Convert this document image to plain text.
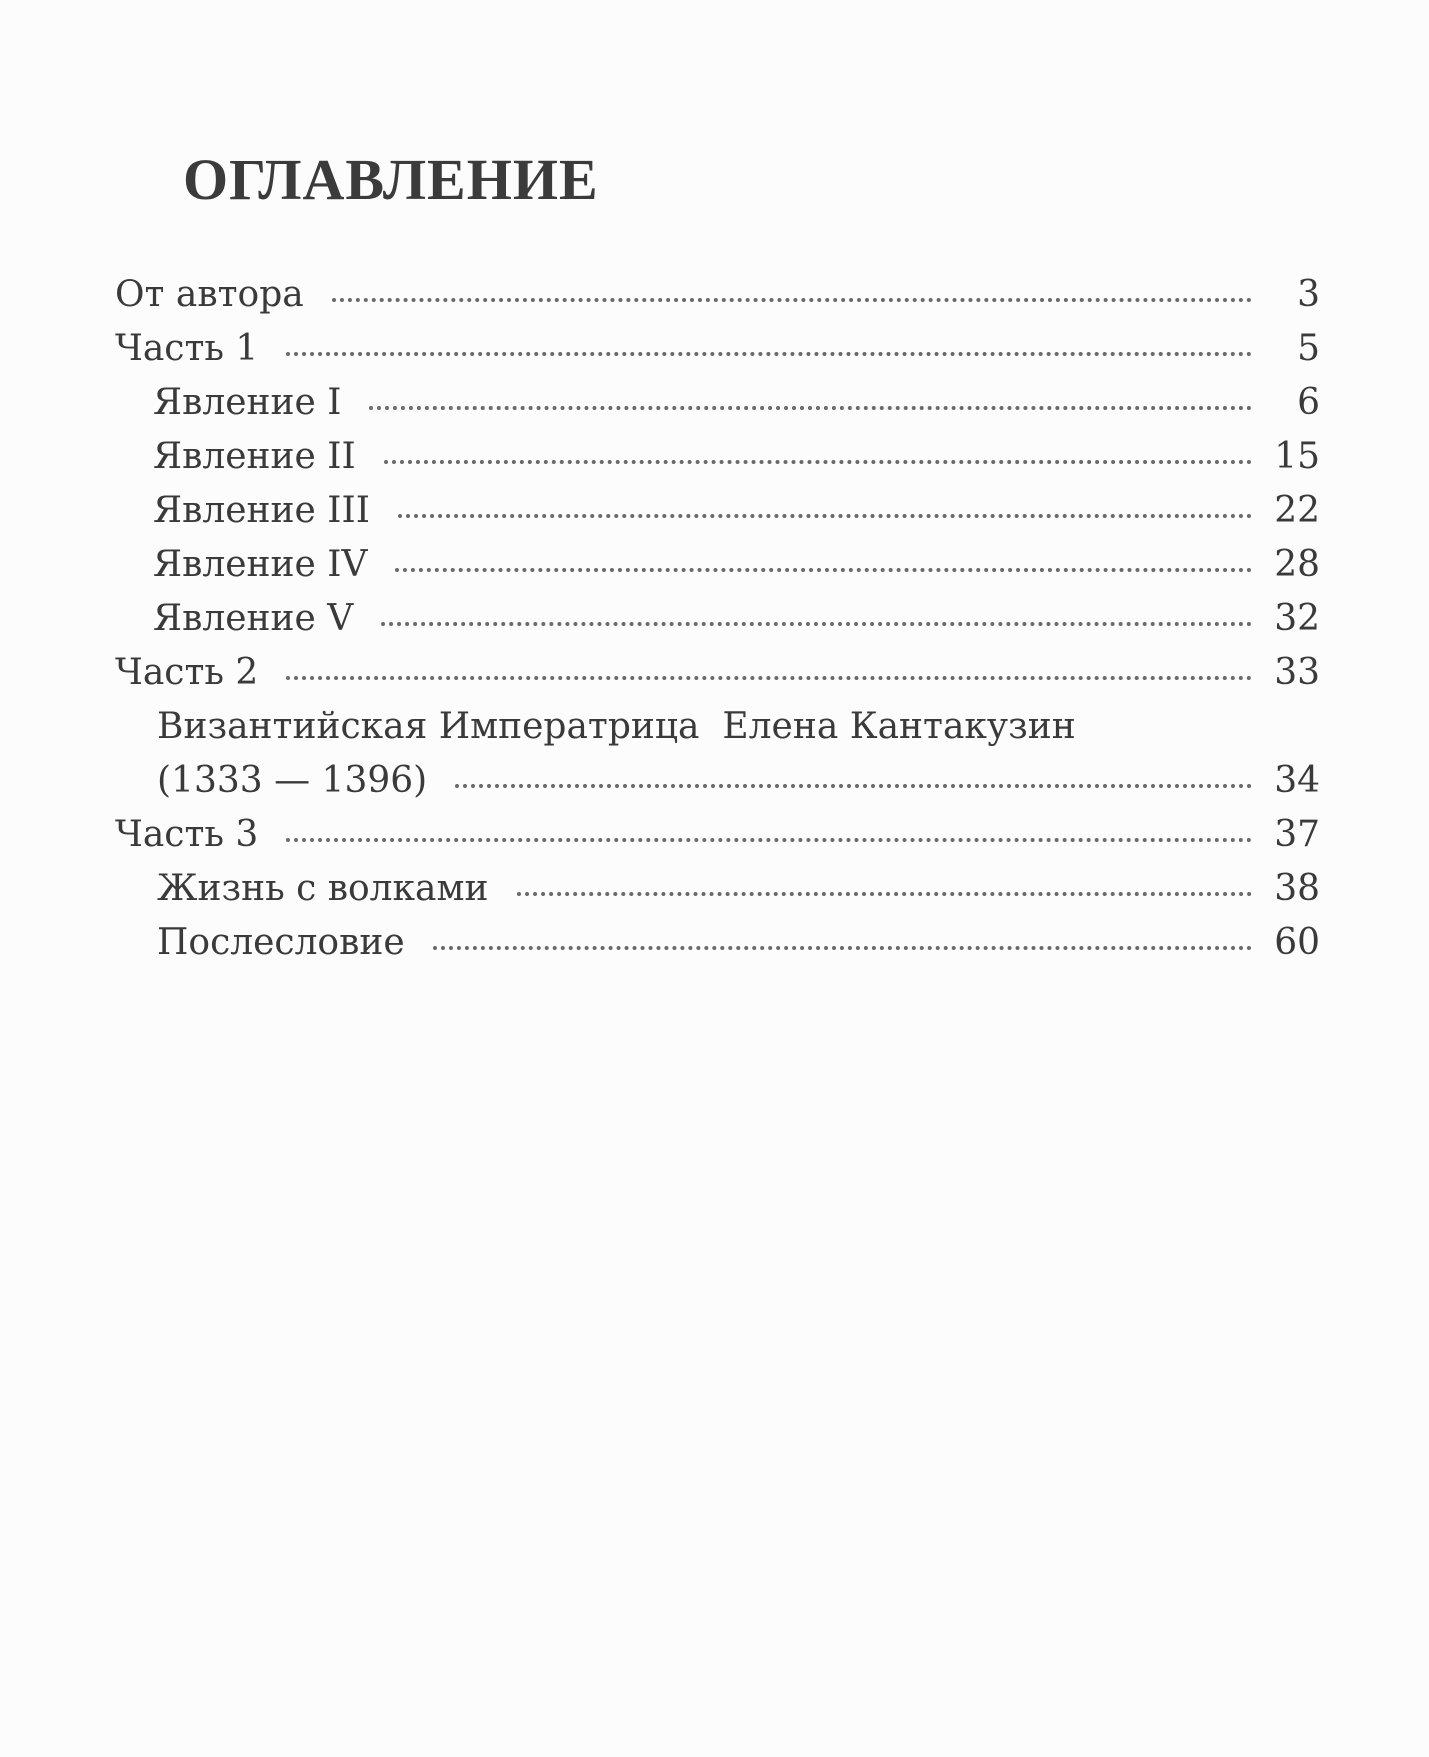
ОГЛАВЛЕНИЕ
От автора	3
Часть 1	5
Явление I	6
Явление II	15
Явление III	22
Явление IV	28
Явление V	32
Часть 2	33
Византийская Императрица  Елена Кантакузин
(1333 — 1396)	34
Часть 3	37
Жизнь с волками	38
Послесловие	60
